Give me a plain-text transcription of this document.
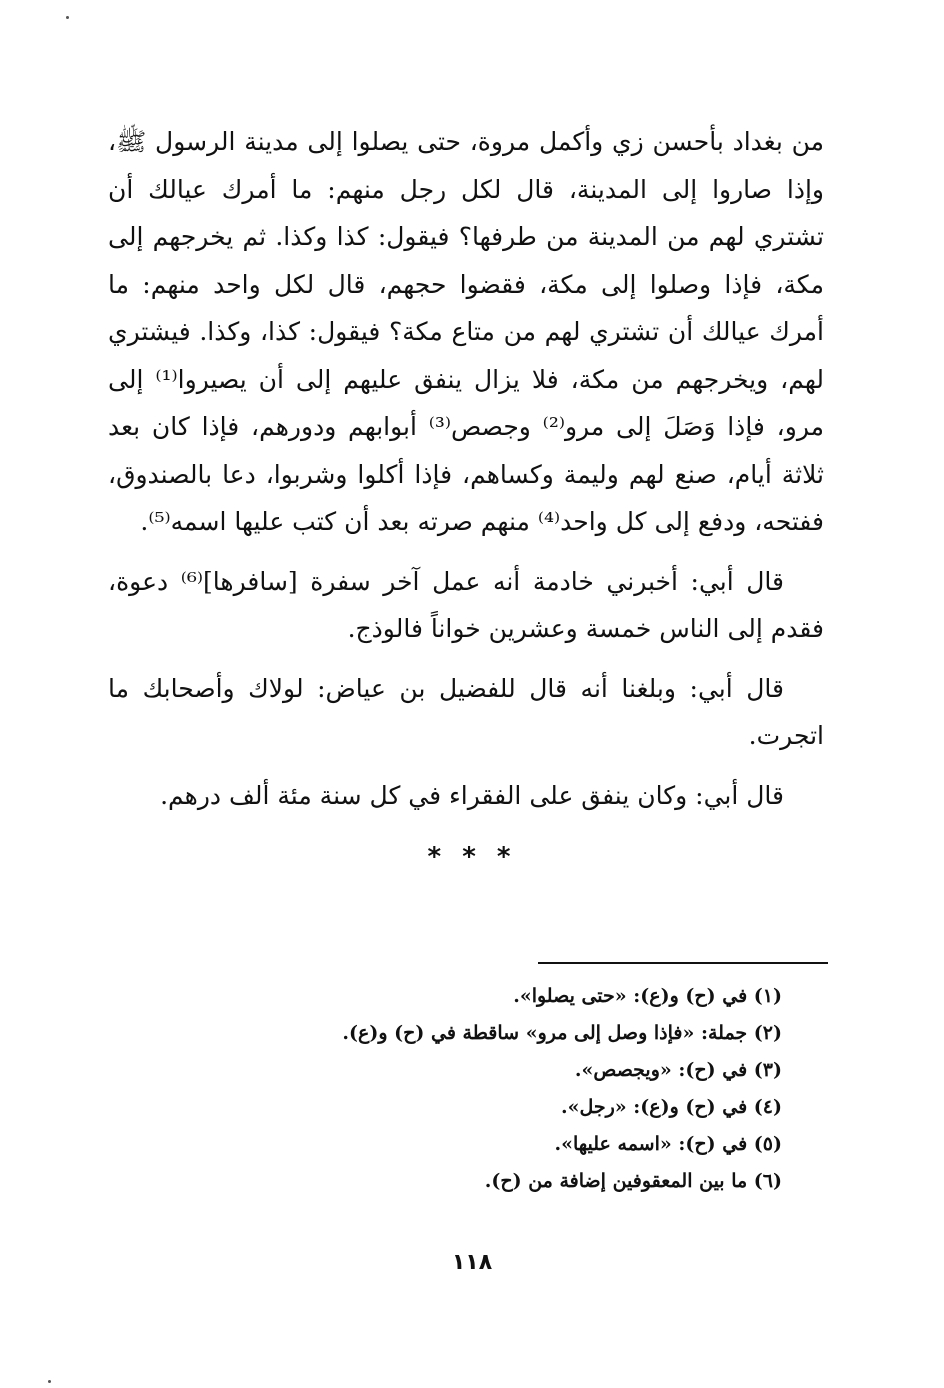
من بغداد بأحسن زي وأكمل مروة، حتى يصلوا إلى مدينة الرسول ﷺ، وإذا صاروا إلى المدينة، قال لكل رجل منهم: ما أمرك عيالك أن تشتري لهم من المدينة من طرفها؟ فيقول: كذا وكذا. ثم يخرجهم إلى مكة، فإذا وصلوا إلى مكة، فقضوا حجهم، قال لكل واحد منهم: ما أمرك عيالك أن تشتري لهم من متاع مكة؟ فيقول: كذا، وكذا. فيشتري لهم، ويخرجهم من مكة، فلا يزال ينفق عليهم إلى أن يصيروا⁽¹⁾ إلى مرو، فإذا وَصَلَ إلى مرو⁽²⁾ وجصص⁽³⁾ أبوابهم ودورهم، فإذا كان بعد ثلاثة أيام، صنع لهم وليمة وكساهم، فإذا أكلوا وشربوا، دعا بالصندوق، ففتحه، ودفع إلى كل واحد⁽⁴⁾ منهم صرته بعد أن كتب عليها اسمه⁽⁵⁾.

قال أبي: أخبرني خادمة أنه عمل آخر سفرة [سافرها]⁽⁶⁾ دعوة، فقدم إلى الناس خمسة وعشرين خواناً فالوذج.

قال أبي: وبلغنا أنه قال للفضيل بن عياض: لولاك وأصحابك ما اتجرت.

قال أبي: وكان ينفق على الفقراء في كل سنة مئة ألف درهم.

* * *

(١) في (ح) و(ع): «حتى يصلوا».

(٢) جملة: «فإذا وصل إلى مرو» ساقطة في (ح) و(ع).

(٣) في (ح): «ويجصص».

(٤) في (ح) و(ع): «رجل».

(٥) في (ح): «اسمه عليها».

(٦) ما بين المعقوفين إضافة من (ح).

١١٨
